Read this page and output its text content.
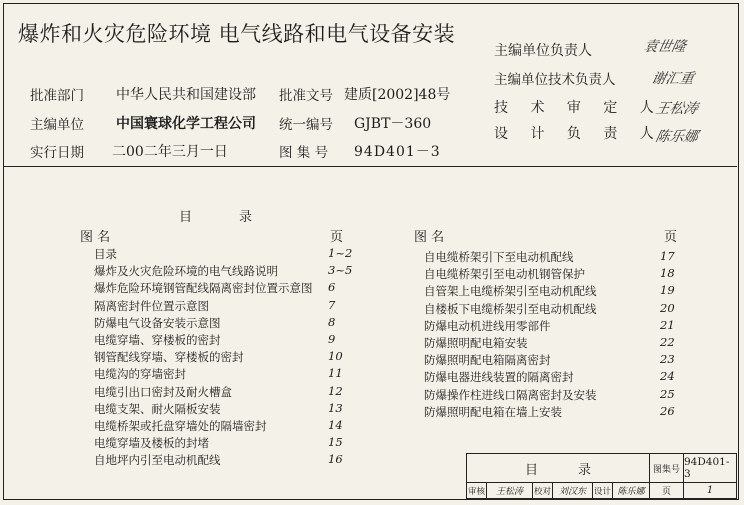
爆炸和火灾危险环境 电气线路和电气设备安装
批准部门 中华人民共和国建设部 批准文号 建质[2002]48号
主编单位 中国寰球化学工程公司 统一编号 GJBT－360
实行日期 二00二年三月一日	图 集 号 94D401－3
主编单位负责人	袁世隆
主编单位技术负责人 谢汇重
技 术 审 定 人
王松涛
设 计 负 责 人
陈乐娜
目	录
图 名	页	图 名	页
目录	1~2
爆炸及火灾危险环境的电气线路说明	3~5
爆炸危险环境钢管配线隔离密封位置示意图 6
隔离密封件位置示意图	7
防爆电气设备安装示意图	8
电缆穿墙、穿楼板的密封	9
钢管配线穿墙、穿楼板的密封	10
电缆沟的穿墙密封	11
电缆引出口密封及耐火槽盒	12
电缆支架、耐火隔板安装	13
电缆桥架或托盘穿墙处的隔墙密封	14
电缆穿墙及楼板的封堵	15
自地坪内引至电动机配线	16
自电缆桥架引下至电动机配线	17
自电缆桥架引至电动机钢管保护	18
自管架上电缆桥架引至电动机配线	19
自楼板下电缆桥架引至电动机配线	20
防爆电动机进线用零部件	21
防爆照明配电箱安装	22
防爆照明配电箱隔离密封	23
防爆电器进线装置的隔离密封	24
防爆操作柱进线口隔离密封及安装	25
防爆照明配电箱在墙上安装	26
目	录	图集号
94D401-3
审核	王松涛	校对 刘汉东 设计 陈乐娜	页	1
